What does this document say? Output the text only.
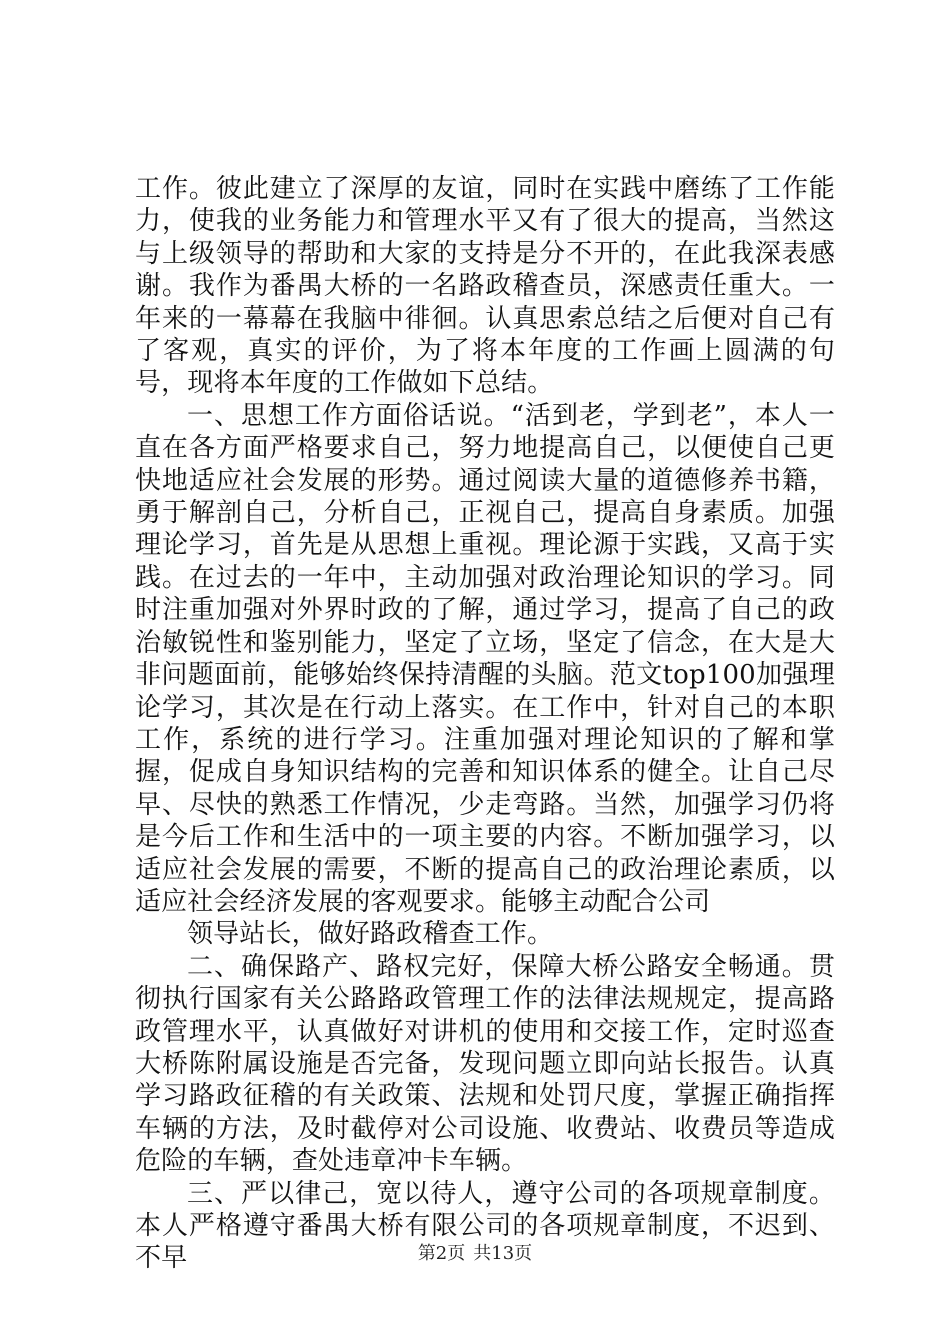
工作。彼此建立了深厚的友谊，同时在实践中磨练了工作能力，使我的业务能力和管理水平又有了很大的提高，当然这与上级领导的帮助和大家的支持是分不开的，在此我深表感谢。我作为番禺大桥的一名路政稽查员，深感责任重大。一年来的一幕幕在我脑中徘徊。认真思索总结之后便对自己有了客观，真实的评价，为了将本年度的工作画上圆满的句号，现将本年度的工作做如下总结。

一、思想工作方面俗话说。“活到老，学到老”，本人一直在各方面严格要求自己，努力地提高自己，以便使自己更快地适应社会发展的形势。通过阅读大量的道德修养书籍，勇于解剖自己，分析自己，正视自己，提高自身素质。加强理论学习，首先是从思想上重视。理论源于实践，又高于实践。在过去的一年中，主动加强对政治理论知识的学习。同时注重加强对外界时政的了解，通过学习，提高了自己的政治敏锐性和鉴别能力，坚定了立场，坚定了信念，在大是大非问题面前，能够始终保持清醒的头脑。范文top100加强理论学习，其次是在行动上落实。在工作中，针对自己的本职工作，系统的进行学习。注重加强对理论知识的了解和掌握，促成自身知识结构的完善和知识体系的健全。让自己尽早、尽快的熟悉工作情况，少走弯路。当然，加强学习仍将是今后工作和生活中的一项主要的内容。不断加强学习，以适应社会发展的需要，不断的提高自己的政治理论素质，以适应社会经济发展的客观要求。能够主动配合公司

领导站长，做好路政稽查工作。

二、确保路产、路权完好，保障大桥公路安全畅通。贯彻执行国家有关公路路政管理工作的法律法规规定，提高路政管理水平，认真做好对讲机的使用和交接工作，定时巡查大桥陈附属设施是否完备，发现问题立即向站长报告。认真学习路政征稽的有关政策、法规和处罚尺度，掌握正确指挥车辆的方法，及时截停对公司设施、收费站、收费员等造成危险的车辆，查处违章冲卡车辆。

三、严以律己，宽以待人，遵守公司的各项规章制度。本人严格遵守番禺大桥有限公司的各项规章制度，不迟到、不早	第2页 共13页
